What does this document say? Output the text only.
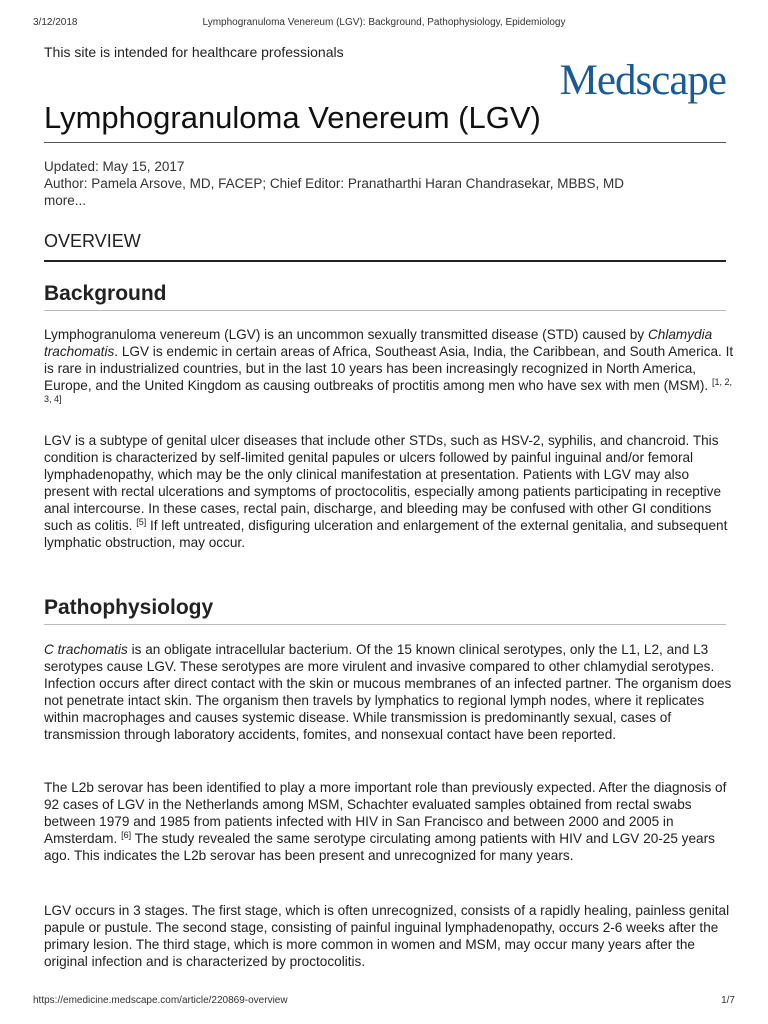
3/12/2018	Lymphogranuloma Venereum (LGV): Background, Pathophysiology, Epidemiology
This site is intended for healthcare professionals
Medscape
Lymphogranuloma Venereum (LGV)
Updated: May 15, 2017
Author: Pamela Arsove, MD, FACEP; Chief Editor: Pranatharthi Haran Chandrasekar, MBBS, MD
more...
OVERVIEW
Background

Lymphogranuloma venereum (LGV) is an uncommon sexually transmitted disease (STD) caused by Chlamydia trachomatis. LGV is endemic in certain areas of Africa, Southeast Asia, India, the Caribbean, and South America. It is rare in industrialized countries, but in the last 10 years has been increasingly recognized in North America, Europe, and the United Kingdom as causing outbreaks of proctitis among men who have sex with men (MSM). [1, 2, 3, 4]

LGV is a subtype of genital ulcer diseases that include other STDs, such as HSV-2, syphilis, and chancroid. This condition is characterized by self-limited genital papules or ulcers followed by painful inguinal and/or femoral lymphadenopathy, which may be the only clinical manifestation at presentation. Patients with LGV may also present with rectal ulcerations and symptoms of proctocolitis, especially among patients participating in receptive anal intercourse. In these cases, rectal pain, discharge, and bleeding may be confused with other GI conditions such as colitis. [5] If left untreated, disfiguring ulceration and enlargement of the external genitalia, and subsequent lymphatic obstruction, may occur.

Pathophysiology

C trachomatis is an obligate intracellular bacterium. Of the 15 known clinical serotypes, only the L1, L2, and L3 serotypes cause LGV. These serotypes are more virulent and invasive compared to other chlamydial serotypes. Infection occurs after direct contact with the skin or mucous membranes of an infected partner. The organism does not penetrate intact skin. The organism then travels by lymphatics to regional lymph nodes, where it replicates within macrophages and causes systemic disease. While transmission is predominantly sexual, cases of transmission through laboratory accidents, fomites, and nonsexual contact have been reported.

The L2b serovar has been identified to play a more important role than previously expected. After the diagnosis of 92 cases of LGV in the Netherlands among MSM, Schachter evaluated samples obtained from rectal swabs between 1979 and 1985 from patients infected with HIV in San Francisco and between 2000 and 2005 in Amsterdam. [6] The study revealed the same serotype circulating among patients with HIV and LGV 20-25 years ago. This indicates the L2b serovar has been present and unrecognized for many years.

LGV occurs in 3 stages. The first stage, which is often unrecognized, consists of a rapidly healing, painless genital papule or pustule. The second stage, consisting of painful inguinal lymphadenopathy, occurs 2-6 weeks after the primary lesion. The third stage, which is more common in women and MSM, may occur many years after the original infection and is characterized by proctocolitis.

https://emedicine.medscape.com/article/220869-overview	1/7
